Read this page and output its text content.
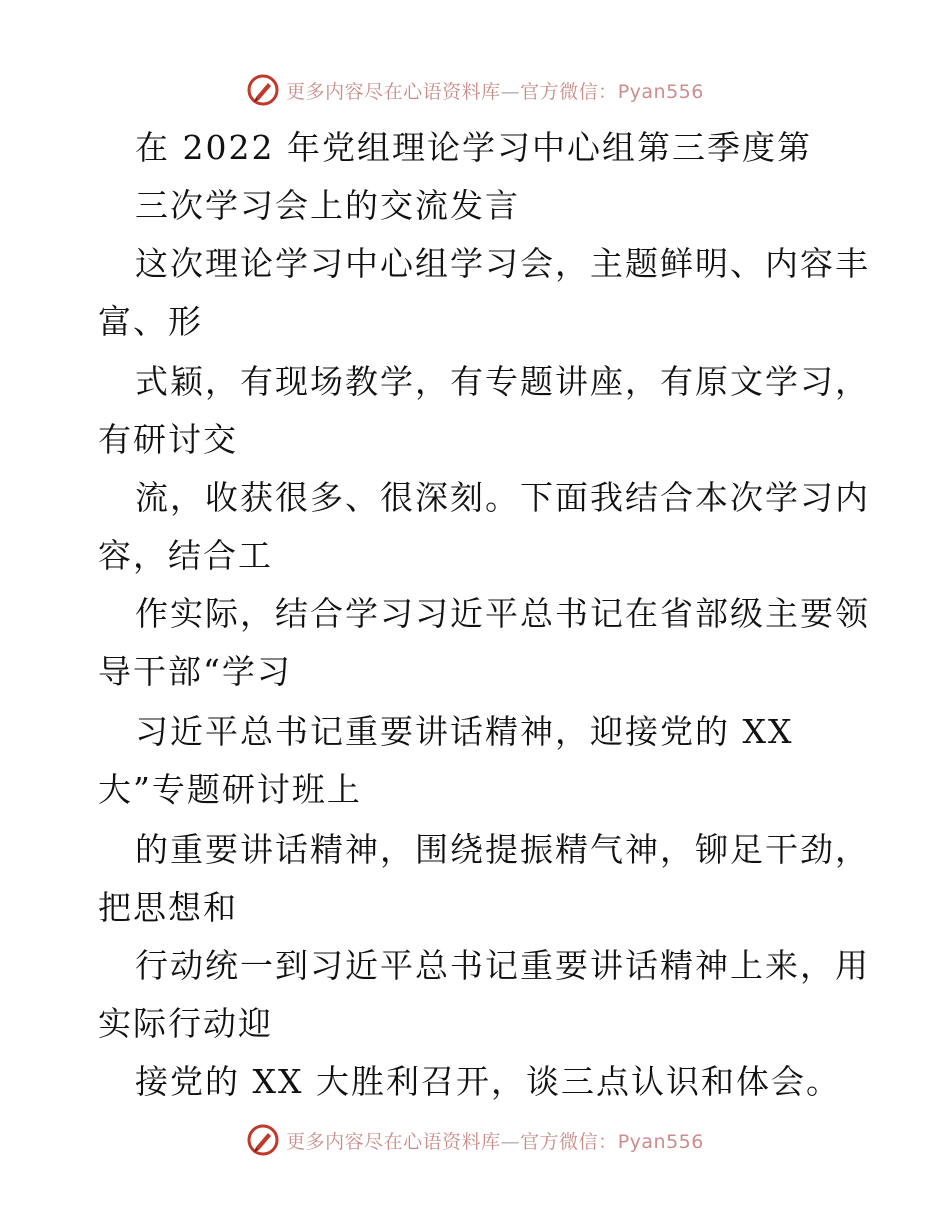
更多内容尽在心语资料库—官方微信：Pyan556
在 2022 年党组理论学习中心组第三季度第
三次学习会上的交流发言
这次理论学习中心组学习会，主题鲜明、内容丰
富、形
式颖，有现场教学，有专题讲座，有原文学习，
有研讨交
流，收获很多、很深刻。下面我结合本次学习内
容，结合工
作实际，结合学习习近平总书记在省部级主要领
导干部“学习
习近平总书记重要讲话精神，迎接党的 XX
大”专题研讨班上
的重要讲话精神，围绕提振精气神，铆足干劲，
把思想和
行动统一到习近平总书记重要讲话精神上来，用
实际行动迎
接党的 XX 大胜利召开，谈三点认识和体会。
更多内容尽在心语资料库—官方微信：Pyan556
